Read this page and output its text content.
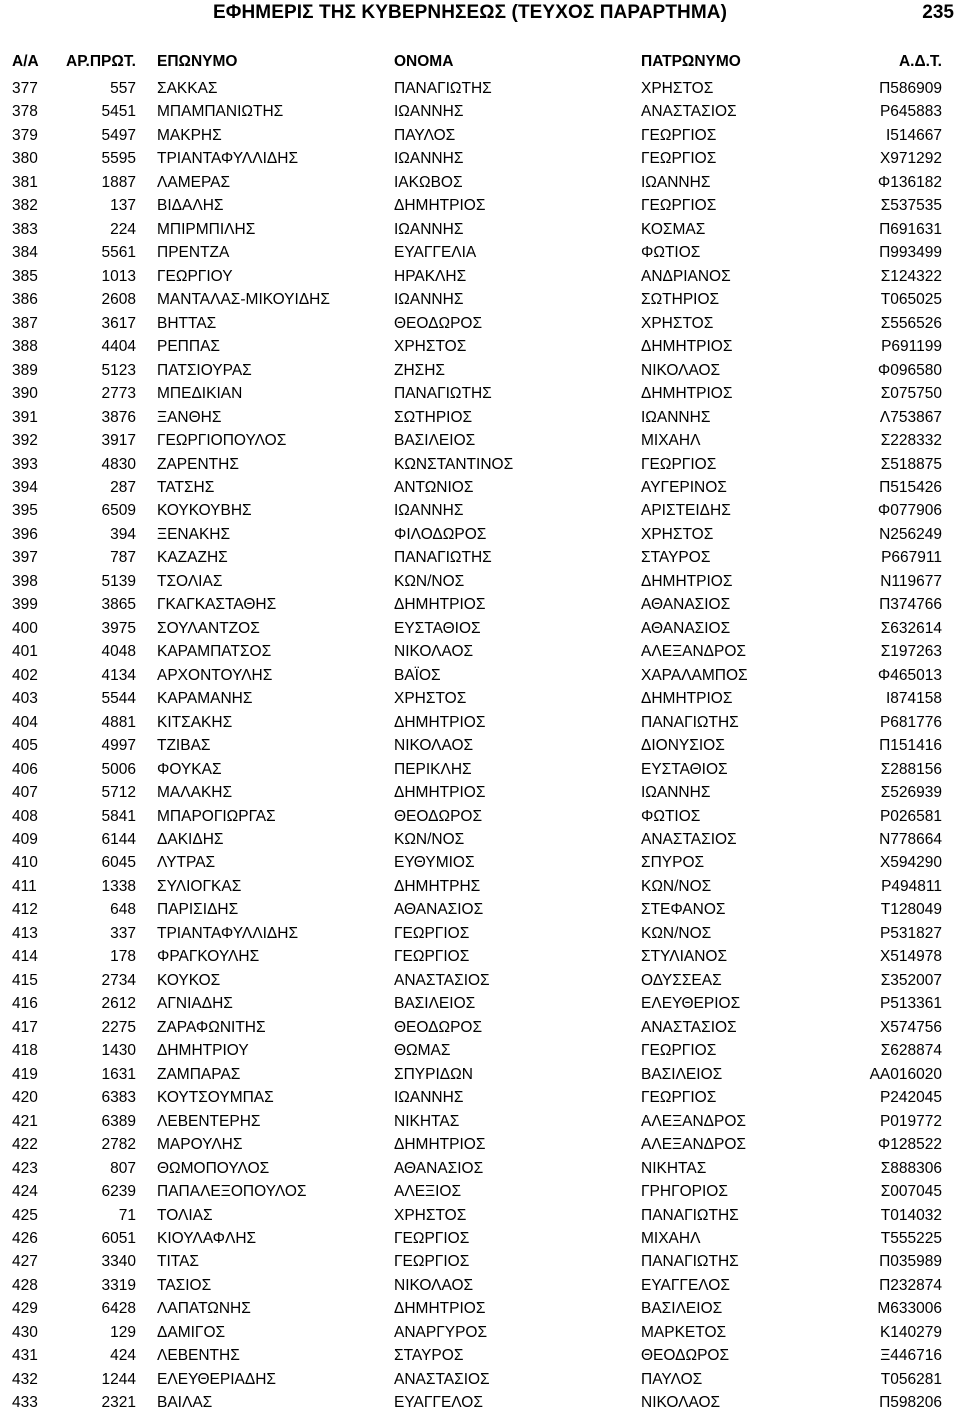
ΕΦΗΜΕΡΙΣ ΤΗΣ ΚΥΒΕΡΝΗΣΕΩΣ (ΤΕΥΧΟΣ ΠΑΡΑΡΤΗΜΑ)	235
Α/Α ΑΡ.ΠΡΩΤ. ΕΠΩΝΥΜΟ	ΟΝΟΜΑ	ΠΑΤΡΩΝΥΜΟ	Α.Δ.Τ.
377	557 ΣΑΚΚΑΣ	ΠΑΝΑΓΙΩΤΗΣ	ΧΡΗΣΤΟΣ	Π586909
378	5451 ΜΠΑΜΠΑΝΙΩΤΗΣ	ΙΩΑΝΝΗΣ	ΑΝΑΣΤΑΣΙΟΣ	Ρ645883
379	5497 ΜΑΚΡΗΣ	ΠΑΥΛΟΣ	ΓΕΩΡΓΙΟΣ	Ι514667
380	5595 ΤΡΙΑΝΤΑΦΥΛΛΙΔΗΣ	ΙΩΑΝΝΗΣ	ΓΕΩΡΓΙΟΣ	Χ971292
381	1887 ΛΑΜΕΡΑΣ	ΙΑΚΩΒΟΣ	ΙΩΑΝΝΗΣ	Φ136182
382	137 ΒΙΔΑΛΗΣ	ΔΗΜΗΤΡΙΟΣ	ΓΕΩΡΓΙΟΣ	Σ537535
383	224 ΜΠΙΡΜΠΙΛΗΣ	ΙΩΑΝΝΗΣ	ΚΟΣΜΑΣ	Π691631
384	5561 ΠΡΕΝΤΖΑ	ΕΥΑΓΓΕΛΙΑ	ΦΩΤΙΟΣ	Π993499
385	1013 ΓΕΩΡΓΙΟΥ	ΗΡΑΚΛΗΣ	ΑΝΔΡΙΑΝΟΣ	Σ124322
386	2608 ΜΑΝΤΑΛΑΣ-ΜΙΚΟΥΙΔΗΣ	ΙΩΑΝΝΗΣ	ΣΩΤΗΡΙΟΣ	Τ065025
387	3617 ΒΗΤΤΑΣ	ΘΕΟΔΩΡΟΣ	ΧΡΗΣΤΟΣ	Σ556526
388	4404 ΡΕΠΠΑΣ	ΧΡΗΣΤΟΣ	ΔΗΜΗΤΡΙΟΣ	Ρ691199
389	5123 ΠΑΤΣΙΟΥΡΑΣ	ΖΗΣΗΣ	ΝΙΚΟΛΑΟΣ	Φ096580
390	2773 ΜΠΕΔΙΚΙΑΝ	ΠΑΝΑΓΙΩΤΗΣ	ΔΗΜΗΤΡΙΟΣ	Σ075750
391	3876 ΞΑΝΘΗΣ	ΣΩΤΗΡΙΟΣ	ΙΩΑΝΝΗΣ	Λ753867
392	3917 ΓΕΩΡΓΙΟΠΟΥΛΟΣ	ΒΑΣΙΛΕΙΟΣ	ΜΙΧΑΗΛ	Σ228332
393	4830 ΖΑΡΕΝΤΗΣ	ΚΩΝΣΤΑΝΤΙΝΟΣ	ΓΕΩΡΓΙΟΣ	Σ518875
394	287 ΤΑΤΣΗΣ	ΑΝΤΩΝΙΟΣ	ΑΥΓΕΡΙΝΟΣ	Π515426
395	6509 ΚΟΥΚΟΥΒΗΣ	ΙΩΑΝΝΗΣ	ΑΡΙΣΤΕΙΔΗΣ	Φ077906
396	394 ΞΕΝΑΚΗΣ	ΦΙΛΟΔΩΡΟΣ	ΧΡΗΣΤΟΣ	Ν256249
397	787 ΚΑΖΑΖΗΣ	ΠΑΝΑΓΙΩΤΗΣ	ΣΤΑΥΡΟΣ	Ρ667911
398	5139 ΤΣΟΛΙΑΣ	ΚΩΝ/ΝΟΣ	ΔΗΜΗΤΡΙΟΣ	Ν119677
399	3865 ΓΚΑΓΚΑΣΤΑΘΗΣ	ΔΗΜΗΤΡΙΟΣ	ΑΘΑΝΑΣΙΟΣ	Π374766
400	3975 ΣΟΥΛΑΝΤΖΟΣ	ΕΥΣΤΑΘΙΟΣ	ΑΘΑΝΑΣΙΟΣ	Σ632614
401	4048 ΚΑΡΑΜΠΑΤΣΟΣ	ΝΙΚΟΛΑΟΣ	ΑΛΕΞΑΝΔΡΟΣ	Σ197263
402	4134 ΑΡΧΟΝΤΟΥΛΗΣ	ΒΑΪΟΣ	ΧΑΡΑΛΑΜΠΟΣ	Φ465013
403	5544 ΚΑΡΑΜΑΝΗΣ	ΧΡΗΣΤΟΣ	ΔΗΜΗΤΡΙΟΣ	Ι874158
404	4881 ΚΙΤΣΑΚΗΣ	ΔΗΜΗΤΡΙΟΣ	ΠΑΝΑΓΙΩΤΗΣ	Ρ681776
405	4997 ΤΖΙΒΑΣ	ΝΙΚΟΛΑΟΣ	ΔΙΟΝΥΣΙΟΣ	Π151416
406	5006 ΦΟΥΚΑΣ	ΠΕΡΙΚΛΗΣ	ΕΥΣΤΑΘΙΟΣ	Σ288156
407	5712 ΜΑΛΑΚΗΣ	ΔΗΜΗΤΡΙΟΣ	ΙΩΑΝΝΗΣ	Σ526939
408	5841 ΜΠΑΡΟΓΙΩΡΓΑΣ	ΘΕΟΔΩΡΟΣ	ΦΩΤΙΟΣ	Ρ026581
409	6144 ΔΑΚΙΔΗΣ	ΚΩΝ/ΝΟΣ	ΑΝΑΣΤΑΣΙΟΣ	Ν778664
410	6045 ΛΥΤΡΑΣ	ΕΥΘΥΜΙΟΣ	ΣΠΥΡΟΣ	Χ594290
411	1338 ΣΥΛΙΟΓΚΑΣ	ΔΗΜΗΤΡΗΣ	ΚΩΝ/ΝΟΣ	Ρ494811
412	648 ΠΑΡΙΣΙΔΗΣ	ΑΘΑΝΑΣΙΟΣ	ΣΤΕΦΑΝΟΣ	Τ128049
413	337 ΤΡΙΑΝΤΑΦΥΛΛΙΔΗΣ	ΓΕΩΡΓΙΟΣ	ΚΩΝ/ΝΟΣ	Ρ531827
414	178 ΦΡΑΓΚΟΥΛΗΣ	ΓΕΩΡΓΙΟΣ	ΣΤΥΛΙΑΝΟΣ	Χ514978
415	2734 ΚΟΥΚΟΣ	ΑΝΑΣΤΑΣΙΟΣ	ΟΔΥΣΣΕΑΣ	Σ352007
416	2612 ΑΓΝΙΑΔΗΣ	ΒΑΣΙΛΕΙΟΣ	ΕΛΕΥΘΕΡΙΟΣ	Ρ513361
417	2275 ΖΑΡΑΦΩΝΙΤΗΣ	ΘΕΟΔΩΡΟΣ	ΑΝΑΣΤΑΣΙΟΣ	Χ574756
418	1430 ΔΗΜΗΤΡΙΟΥ	ΘΩΜΑΣ	ΓΕΩΡΓΙΟΣ	Σ628874
419	1631 ΖΑΜΠΑΡΑΣ	ΣΠΥΡΙΔΩΝ	ΒΑΣΙΛΕΙΟΣ	ΑΑ016020
420	6383 ΚΟΥΤΣΟΥΜΠΑΣ	ΙΩΑΝΝΗΣ	ΓΕΩΡΓΙΟΣ	Ρ242045
421	6389 ΛΕΒΕΝΤΕΡΗΣ	ΝΙΚΗΤΑΣ	ΑΛΕΞΑΝΔΡΟΣ	Ρ019772
422	2782 ΜΑΡΟΥΛΗΣ	ΔΗΜΗΤΡΙΟΣ	ΑΛΕΞΑΝΔΡΟΣ	Φ128522
423	807 ΘΩΜΟΠΟΥΛΟΣ	ΑΘΑΝΑΣΙΟΣ	ΝΙΚΗΤΑΣ	Σ888306
424	6239 ΠΑΠΑΛΕΞΟΠΟΥΛΟΣ	ΑΛΕΞΙΟΣ	ΓΡΗΓΟΡΙΟΣ	Σ007045
425	71 ΤΟΛΙΑΣ	ΧΡΗΣΤΟΣ	ΠΑΝΑΓΙΩΤΗΣ	Τ014032
426	6051 ΚΙΟΥΛΑΦΛΗΣ	ΓΕΩΡΓΙΟΣ	ΜΙΧΑΗΛ	Τ555225
427	3340 ΤΙΤΑΣ	ΓΕΩΡΓΙΟΣ	ΠΑΝΑΓΙΩΤΗΣ	Π035989
428	3319 ΤΑΣΙΟΣ	ΝΙΚΟΛΑΟΣ	ΕΥΑΓΓΕΛΟΣ	Π232874
429	6428 ΛΑΠΑΤΩΝΗΣ	ΔΗΜΗΤΡΙΟΣ	ΒΑΣΙΛΕΙΟΣ	Μ633006
430	129 ΔΑΜΙΓΟΣ	ΑΝΑΡΓΥΡΟΣ	ΜΑΡΚΕΤΟΣ	Κ140279
431	424 ΛΕΒΕΝΤΗΣ	ΣΤΑΥΡΟΣ	ΘΕΟΔΩΡΟΣ	Ξ446716
432	1244 ΕΛΕΥΘΕΡΙΑΔΗΣ	ΑΝΑΣΤΑΣΙΟΣ	ΠΑΥΛΟΣ	Τ056281
433	2321 ΒΑΙΛΑΣ	ΕΥΑΓΓΕΛΟΣ	ΝΙΚΟΛΑΟΣ	Π598206
